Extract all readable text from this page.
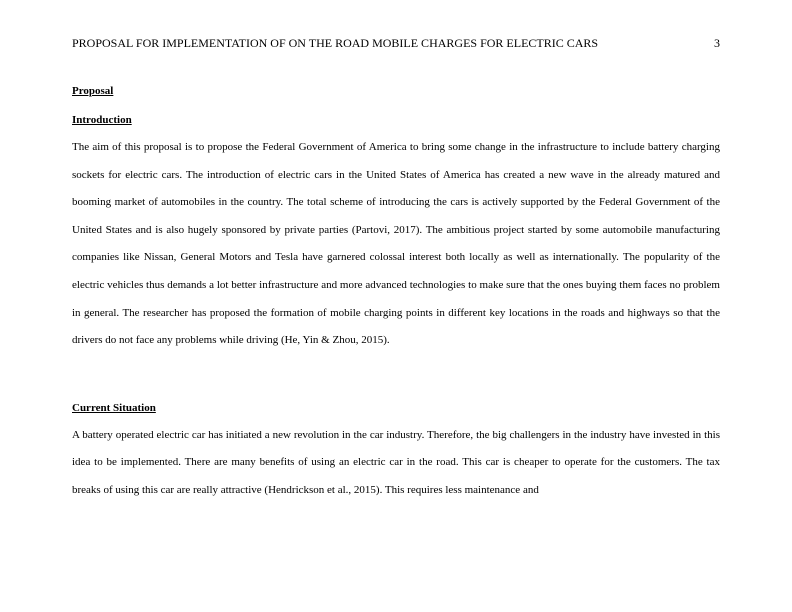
PROPOSAL FOR IMPLEMENTATION OF ON THE ROAD MOBILE CHARGES FOR ELECTRIC CARS	3

Proposal

Introduction

The aim of this proposal is to propose the Federal Government of America to bring some change in the infrastructure to include battery charging sockets for electric cars. The introduction of electric cars in the United States of America has created a new wave in the already matured and booming market of automobiles in the country. The total scheme of introducing the cars is actively supported by the Federal Government of the United States and is also hugely sponsored by private parties (Partovi, 2017). The ambitious project started by some automobile manufacturing companies like Nissan, General Motors and Tesla have garnered colossal interest both locally as well as internationally. The popularity of the electric vehicles thus demands a lot better infrastructure and more advanced technologies to make sure that the ones buying them faces no problem in general. The researcher has proposed the formation of mobile charging points in different key locations in the roads and highways so that the drivers do not face any problems while driving (He, Yin & Zhou, 2015).

Current Situation

A battery operated electric car has initiated a new revolution in the car industry. Therefore, the big challengers in the industry have invested in this idea to be implemented. There are many benefits of using an electric car in the road. This car is cheaper to operate for the customers. The tax breaks of using this car are really attractive (Hendrickson et al., 2015). This requires less maintenance and
